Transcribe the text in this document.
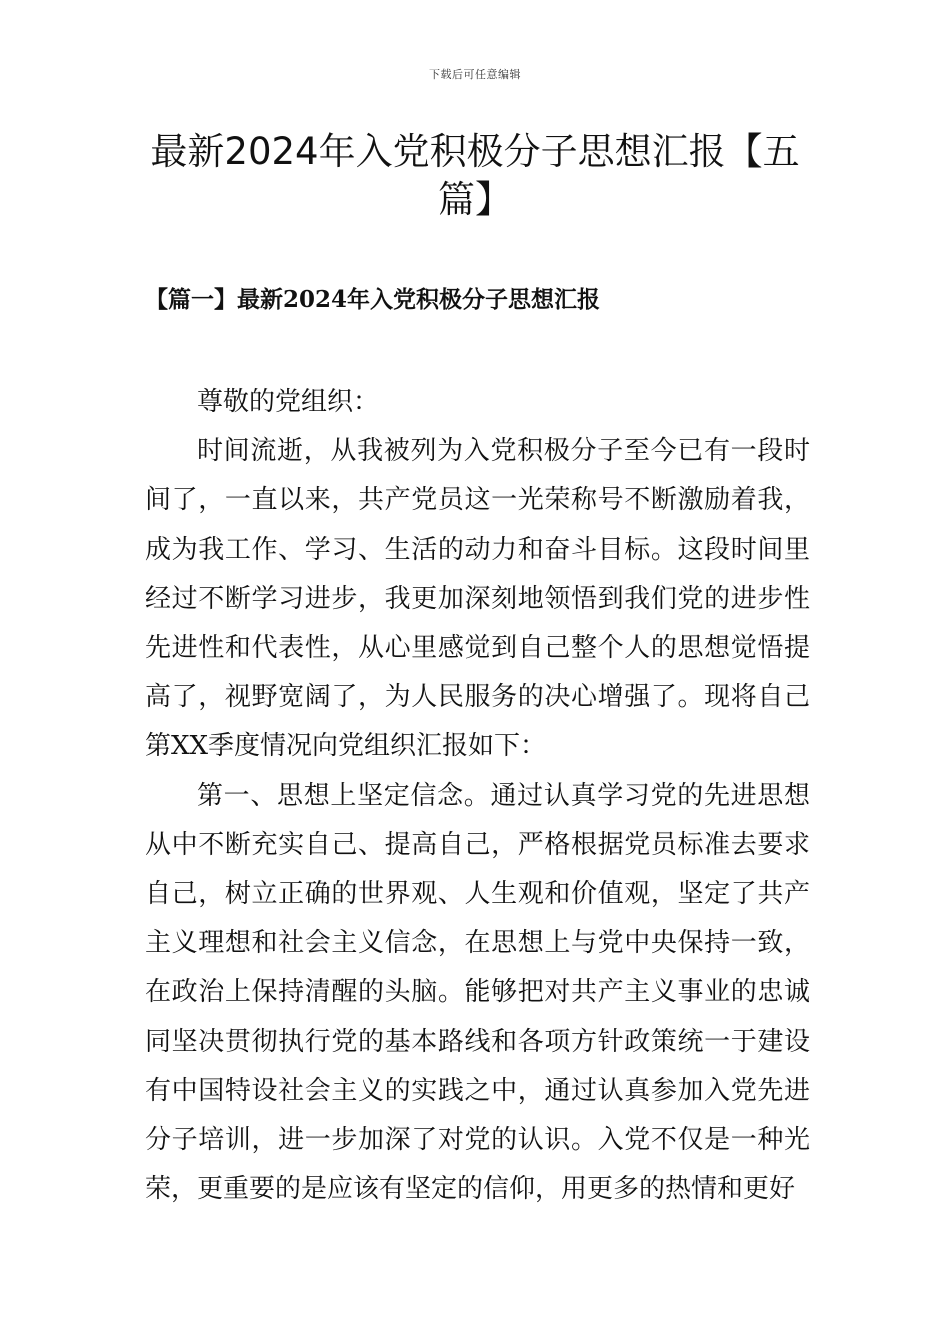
下载后可任意编辑
最新2024年入党积极分子思想汇报【五篇】
【篇一】最新2024年入党积极分子思想汇报

尊敬的党组织：

时间流逝，从我被列为入党积极分子至今已有一段时间了，一直以来，共产党员这一光荣称号不断激励着我，成为我工作、学习、生活的动力和奋斗目标。这段时间里经过不断学习进步，我更加深刻地领悟到我们党的进步性先进性和代表性，从心里感觉到自己整个人的思想觉悟提高了，视野宽阔了，为人民服务的决心增强了。现将自己第XX季度情况向党组织汇报如下：

第一、思想上坚定信念。通过认真学习党的先进思想从中不断充实自己、提高自己，严格根据党员标准去要求自己，树立正确的世界观、人生观和价值观，坚定了共产主义理想和社会主义信念，在思想上与党中央保持一致，在政治上保持清醒的头脑。能够把对共产主义事业的忠诚同坚决贯彻执行党的基本路线和各项方针政策统一于建设有中国特设社会主义的实践之中，通过认真参加入党先进分子培训，进一步加深了对党的认识。入党不仅是一种光荣，更重要的是应该有坚定的信仰，用更多的热情和更好
